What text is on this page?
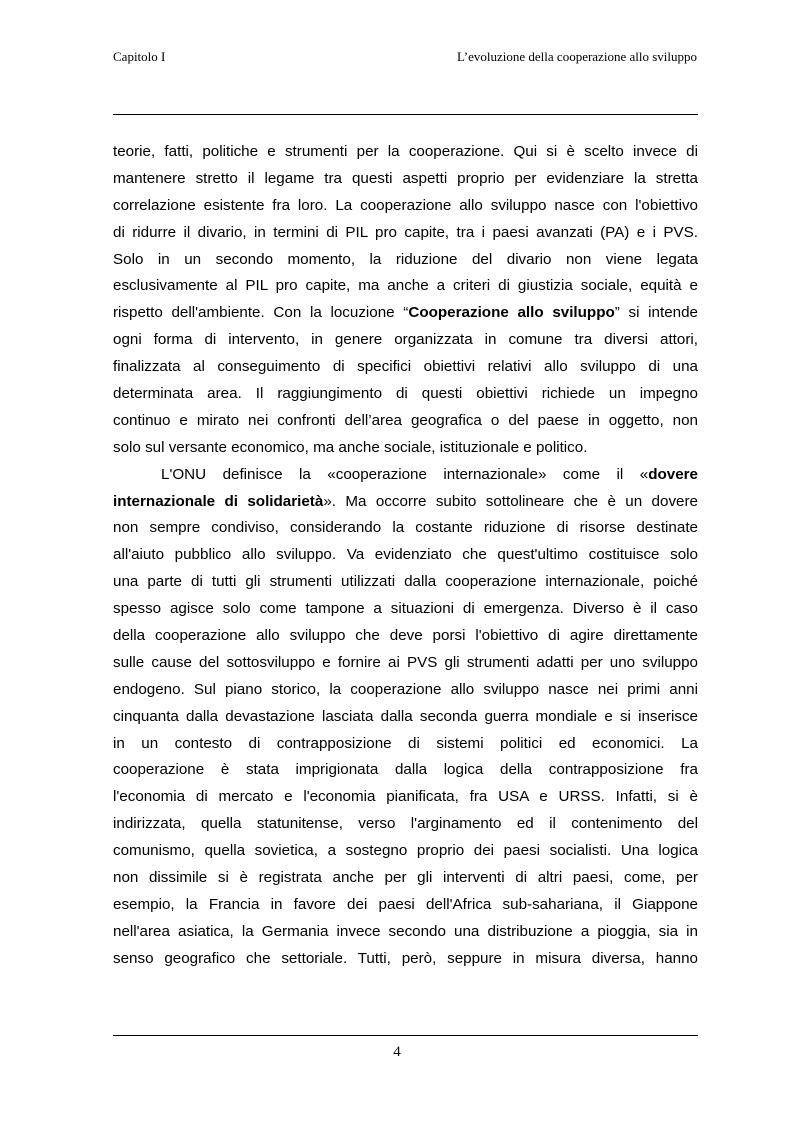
Capitolo I	L’evoluzione della cooperazione allo sviluppo
teorie, fatti, politiche e strumenti per la cooperazione. Qui si è scelto invece di
mantenere stretto il legame tra questi aspetti proprio per evidenziare la stretta
correlazione esistente fra loro. La cooperazione allo sviluppo nasce con l'obiettivo
di ridurre il divario, in termini di PIL pro capite, tra i paesi avanzati (PA) e i PVS.
Solo in un secondo momento, la riduzione del divario non viene legata
esclusivamente al PIL pro capite, ma anche a criteri di giustizia sociale, equità e
rispetto dell'ambiente. Con la locuzione “Cooperazione allo sviluppo” si intende
ogni forma di intervento, in genere organizzata in comune tra diversi attori,
finalizzata al conseguimento di specifici obiettivi relativi allo sviluppo di una
determinata area. Il raggiungimento di questi obiettivi richiede un impegno
continuo e mirato nei confronti dell’area geografica o del paese in oggetto, non
solo sul versante economico, ma anche sociale, istituzionale e politico.
L'ONU definisce la «cooperazione internazionale» come il «dovere
internazionale di solidarietà». Ma occorre subito sottolineare che è un dovere
non sempre condiviso, considerando la costante riduzione di risorse destinate
all'aiuto pubblico allo sviluppo. Va evidenziato che quest'ultimo costituisce solo
una parte di tutti gli strumenti utilizzati dalla cooperazione internazionale, poiché
spesso agisce solo come tampone a situazioni di emergenza. Diverso è il caso
della cooperazione allo sviluppo che deve porsi l'obiettivo di agire direttamente
sulle cause del sottosviluppo e fornire ai PVS gli strumenti adatti per uno sviluppo
endogeno. Sul piano storico, la cooperazione allo sviluppo nasce nei primi anni
cinquanta dalla devastazione lasciata dalla seconda guerra mondiale e si inserisce
in un contesto di contrapposizione di sistemi politici ed economici. La
cooperazione è stata imprigionata dalla logica della contrapposizione fra
l'economia di mercato e l'economia pianificata, fra USA e URSS. Infatti, si è
indirizzata, quella statunitense, verso l'arginamento ed il contenimento del
comunismo, quella sovietica, a sostegno proprio dei paesi socialisti. Una logica
non dissimile si è registrata anche per gli interventi di altri paesi, come, per
esempio, la Francia in favore dei paesi dell'Africa sub-sahariana, il Giappone
nell'area asiatica, la Germania invece secondo una distribuzione a pioggia, sia in
senso geografico che settoriale. Tutti, però, seppure in misura diversa, hanno
4
